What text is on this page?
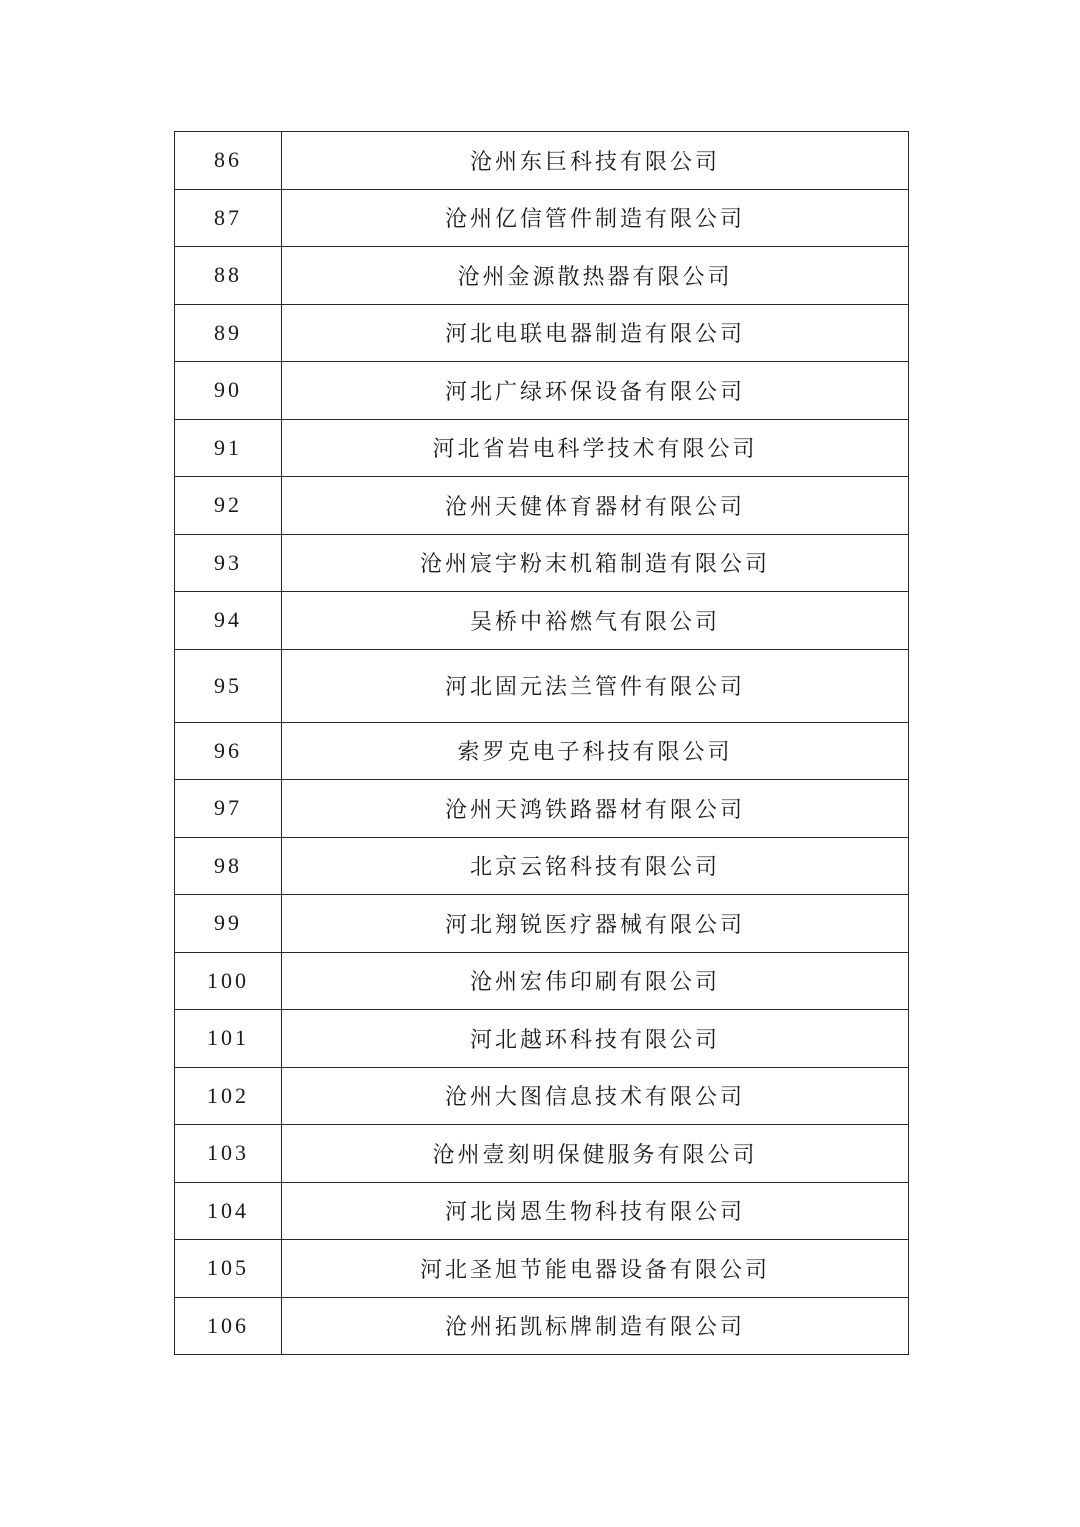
86	沧州东巨科技有限公司
87	沧州亿信管件制造有限公司
88	沧州金源散热器有限公司
89	河北电联电器制造有限公司
90	河北广绿环保设备有限公司
91	河北省岩电科学技术有限公司
92	沧州天健体育器材有限公司
93	沧州宸宇粉末机箱制造有限公司
94	吴桥中裕燃气有限公司
95	河北固元法兰管件有限公司
96	索罗克电子科技有限公司
97	沧州天鸿铁路器材有限公司
98	北京云铭科技有限公司
99	河北翔锐医疗器械有限公司
100	沧州宏伟印刷有限公司
101	河北越环科技有限公司
102	沧州大图信息技术有限公司
103	沧州壹刻明保健服务有限公司
104	河北岗恩生物科技有限公司
105	河北圣旭节能电器设备有限公司
106	沧州拓凯标牌制造有限公司
